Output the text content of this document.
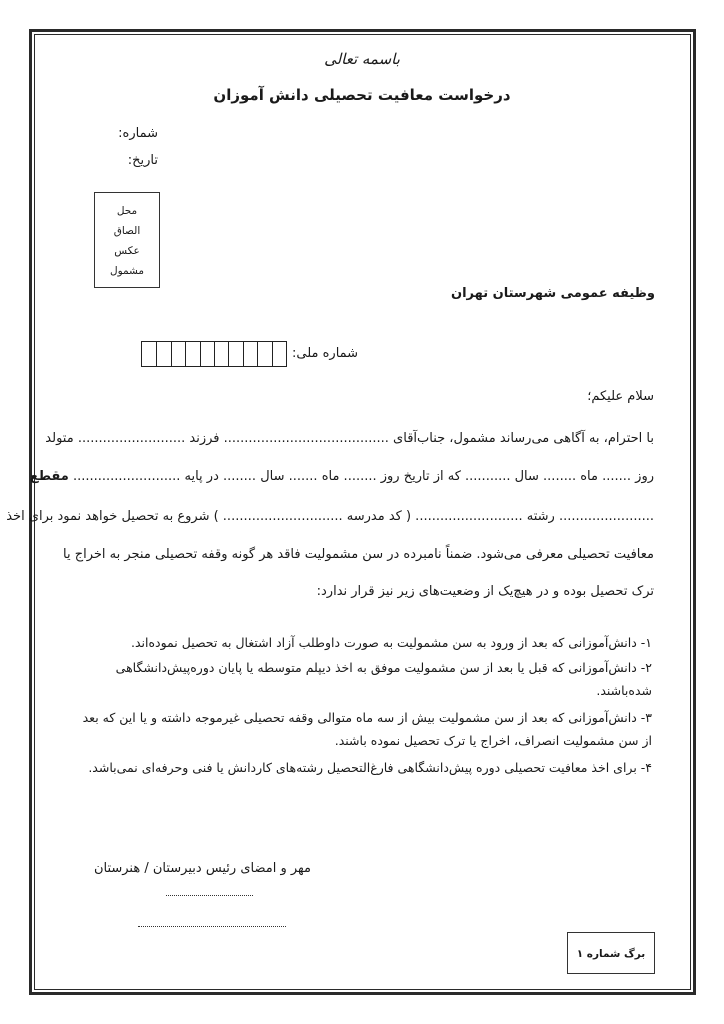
باسمه تعالی
درخواست معافیت تحصیلی دانش آموزان
شماره:
تاریخ:
محل
الصاق
عکس
مشمول
وظیفه عمومی شهرستان تهران
شماره ملی:
سلام علیکم؛
با احترام، به آگاهی می‌رساند مشمول، جناب‌آقای ........................................ فرزند .......................... متولد
روز ....... ماه ........ سال ........... که از تاریخ روز ........ ماه ....... سال ........ در پایه .......................... مقطع
....................... رشته .......................... ( کد مدرسه ............................. ) شروع به تحصیل خواهد نمود برای اخذ
معافیت تحصیلی معرفی می‌شود. ضمناً نامبرده در سن مشمولیت فاقد هر گونه وقفه تحصیلی منجر به اخراج یا
ترک تحصیل بوده و در هیچ‌یک از وضعیت‌های زیر نیز قرار ندارد:
۱- دانش‌آموزانی که بعد از ورود به سن مشمولیت به صورت داوطلب آزاد اشتغال به تحصیل نموده‌اند.
۲- دانش‌آموزانی که قبل یا بعد از سن مشمولیت موفق به اخذ دیپلم متوسطه یا پایان دوره‌پیش‌دانشگاهی شده‌باشند.
۳- دانش‌آموزانی که بعد از سن مشمولیت بیش از سه ماه متوالی وقفه تحصیلی غیرموجه داشته و یا این که بعد از سن مشمولیت انصراف، اخراج یا ترک تحصیل نموده باشند.
۴- برای اخذ معافیت تحصیلی دوره پیش‌دانشگاهی فارغ‌التحصیل رشته‌های کاردانش یا فنی وحرفه‌ای نمی‌باشد.
مهر و امضای رئیس دبیرستان / هنرستان
برگ شماره ۱
